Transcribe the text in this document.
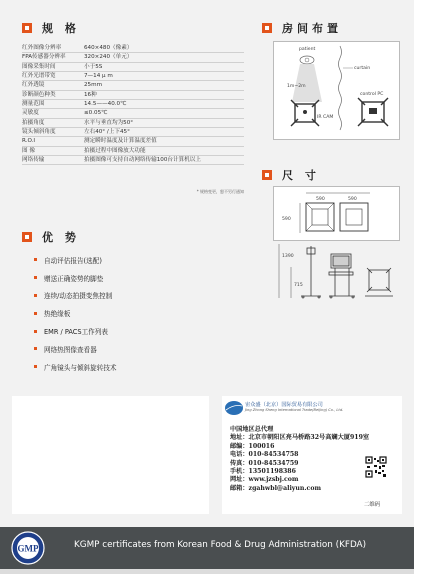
规 格
红外图像分辨率	640×480（像素）
FPA传感器分辨率	320×240（单元）
图像采集时间	小于5S
红外光谱带宽	7—14 μ m
红外透镜	25mm
诊断颜色种类	16种
测量范围	14.5——40.0℃
灵敏度	≤0.05℃
拍摄角度	水平与垂直均为50°
镜头倾斜角度	左右40° /上下45°
R.O.I	测定瞬时温度及计算温度差值
图 像	拍摄过程中图像放大功能
网络传输	拍摄图像可支持自动网络传输100台计算机以上
* 规格变更，恕不另行通知
优 势
自动评估报告(选配)
赠送正确姿势的脚垫
连续/动态拍摄变焦控制
热绝缘板
EMR / PACS工作列表
网络热图像查看器
广角镜头与倾斜旋转技术
房间布置
patient
1m~2m
IR CAM
curtain
control PC
尺 寸
590	590
590
1390
715
宙众盛（北京）国际贸易有限公司
Jing Zhong Sheng International Trade(Beijing) Co., Ltd.
中国地区总代理
地址：北京市朝阳区亮马桥路32号高斓大厦919室
邮编：100016
电话：010-84534758
传真：010-84534759
手机：13501198386
网址：www.jzsbj.com
邮箱：zgahwbl@aliyun.com
二维码
GMP	KGMP certificates from Korean Food & Drug Administration (KFDA)
